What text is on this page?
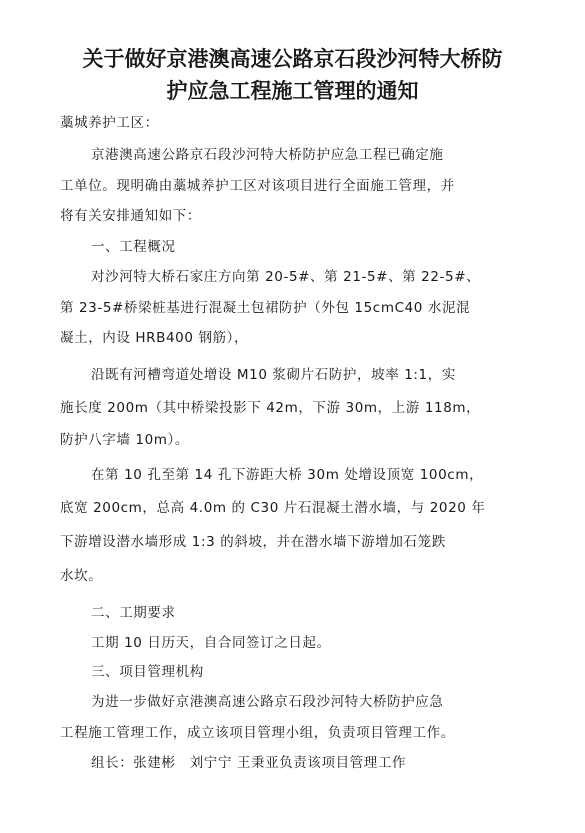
关于做好京港澳高速公路京石段沙河特大桥防
护应急工程施工管理的通知
藁城养护工区：
京港澳高速公路京石段沙河特大桥防护应急工程已确定施
工单位。现明确由藁城养护工区对该项目进行全面施工管理，并
将有关安排通知如下：
一、工程概况
对沙河特大桥石家庄方向第 20-5#、第 21-5#、第 22-5#、
第 23-5#桥梁桩基进行混凝土包裙防护（外包 15cmC40 水泥混
凝土，内设 HRB400 钢筋），
沿既有河槽弯道处增设 M10 浆砌片石防护，坡率 1:1，实
施长度 200m（其中桥梁投影下 42m，下游 30m，上游 118m，
防护八字墙 10m）。
在第 10 孔至第 14 孔下游距大桥 30m 处增设顶宽 100cm，
底宽 200cm，总高 4.0m 的 C30 片石混凝土潜水墙，与 2020 年
下游增设潜水墙形成 1:3 的斜坡，并在潜水墙下游增加石笼跌
水坎。
二、工期要求
工期 10 日历天，自合同签订之日起。
三、项目管理机构
为进一步做好京港澳高速公路京石段沙河特大桥防护应急
工程施工管理工作，成立该项目管理小组，负责项目管理工作。
组长：张建彬　刘宁宁 王秉亚负责该项目管理工作
